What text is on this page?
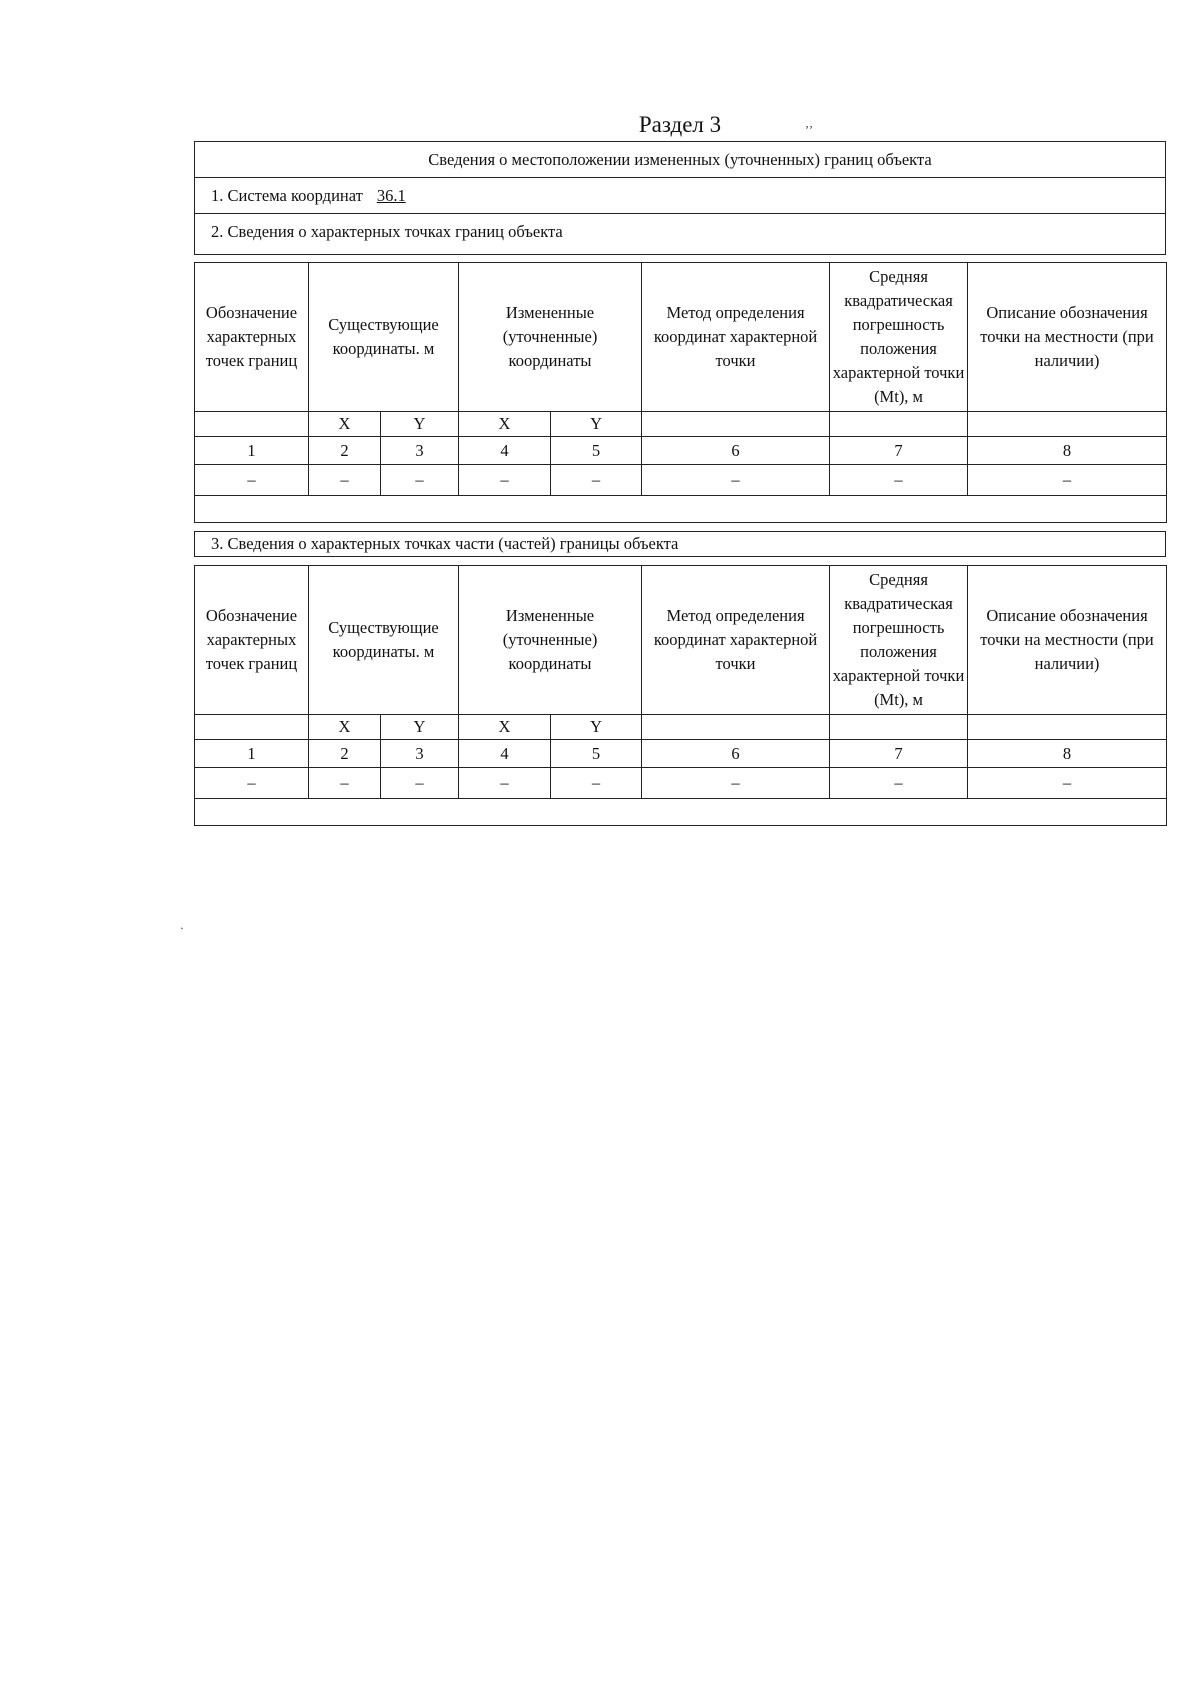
Раздел 3	‚‚
`
Сведения о местоположении измененных (уточненных) границ объекта
1. Система координат 36.1
2. Сведения о характерных точках границ объекта
Обозначение характерных точек границ	Существующие координаты. м		Измененные (уточненные) координаты		Метод определения координат характерной точки	Средняя квадратическая погрешность положения характерной точки (Mt), м	Описание обозначения точки на местности (при наличии)
	X	Y	X	Y			
1	2	3	4	5	6	7	8
–	–	–	–	–	–	–	–

3. Сведения о характерных точках части (частей) границы объекта
Обозначение характерных точек границ	Существующие координаты. м		Измененные (уточненные) координаты		Метод определения координат характерной точки	Средняя квадратическая погрешность положения характерной точки (Mt), м	Описание обозначения точки на местности (при наличии)
	X	Y	X	Y			
1	2	3	4	5	6	7	8
–	–	–	–	–	–	–	–
